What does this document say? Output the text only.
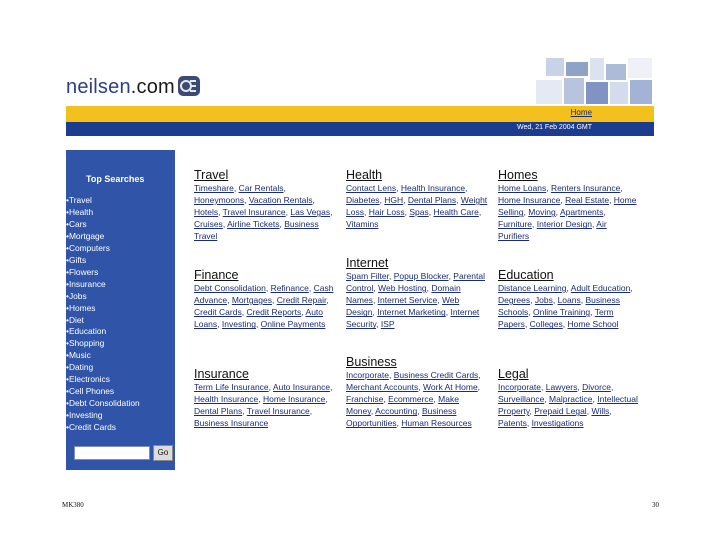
neilsen.com
Home
Wed, 21 Feb 2004 GMT
Top Searches
• Travel
• Health
• Cars
• Mortgage
• Computers
• Gifts
• Flowers
• Insurance
• Jobs
• Homes
• Diet
• Education
• Shopping
• Music
• Dating
• Electronics
• Cell Phones
• Debt Consolidation
• Investing
• Credit Cards
Go
Travel
Timeshare, Car Rentals, Honeymoons, Vacation Rentals, Hotels, Travel Insurance, Las Vegas, Cruises, Airline Tickets, Business Travel
Health
Contact Lens, Health Insurance, Diabetes, HGH, Dental Plans, Weight Loss, Hair Loss, Spas, Health Care, Vitamins
Homes
Home Loans, Renters Insurance, Home Insurance, Real Estate, Home Selling, Moving, Apartments, Furniture, Interior Design, Air Purifiers
Finance
Debt Consolidation, Refinance, Cash Advance, Mortgages, Credit Repair, Credit Cards, Credit Reports, Auto Loans, Investing, Online Payments
Internet
Spam Filter, Popup Blocker, Parental Control, Web Hosting, Domain Names, Internet Service, Web Design, Internet Marketing, Internet Security, ISP
Education
Distance Learning, Adult Education, Degrees, Jobs, Loans, Business Schools, Online Training, Term Papers, Colleges, Home School
Insurance
Term Life Insurance, Auto Insurance, Health Insurance, Home Insurance, Dental Plans, Travel Insurance, Business Insurance
Business
Incorporate, Business Credit Cards, Merchant Accounts, Work At Home, Franchise, Ecommerce, Make Money, Accounting, Business Opportunities, Human Resources
Legal
Incorporate, Lawyers, Divorce, Surveillance, Malpractice, Intellectual Property, Prepaid Legal, Wills, Patents, Investigations
MK380	30
